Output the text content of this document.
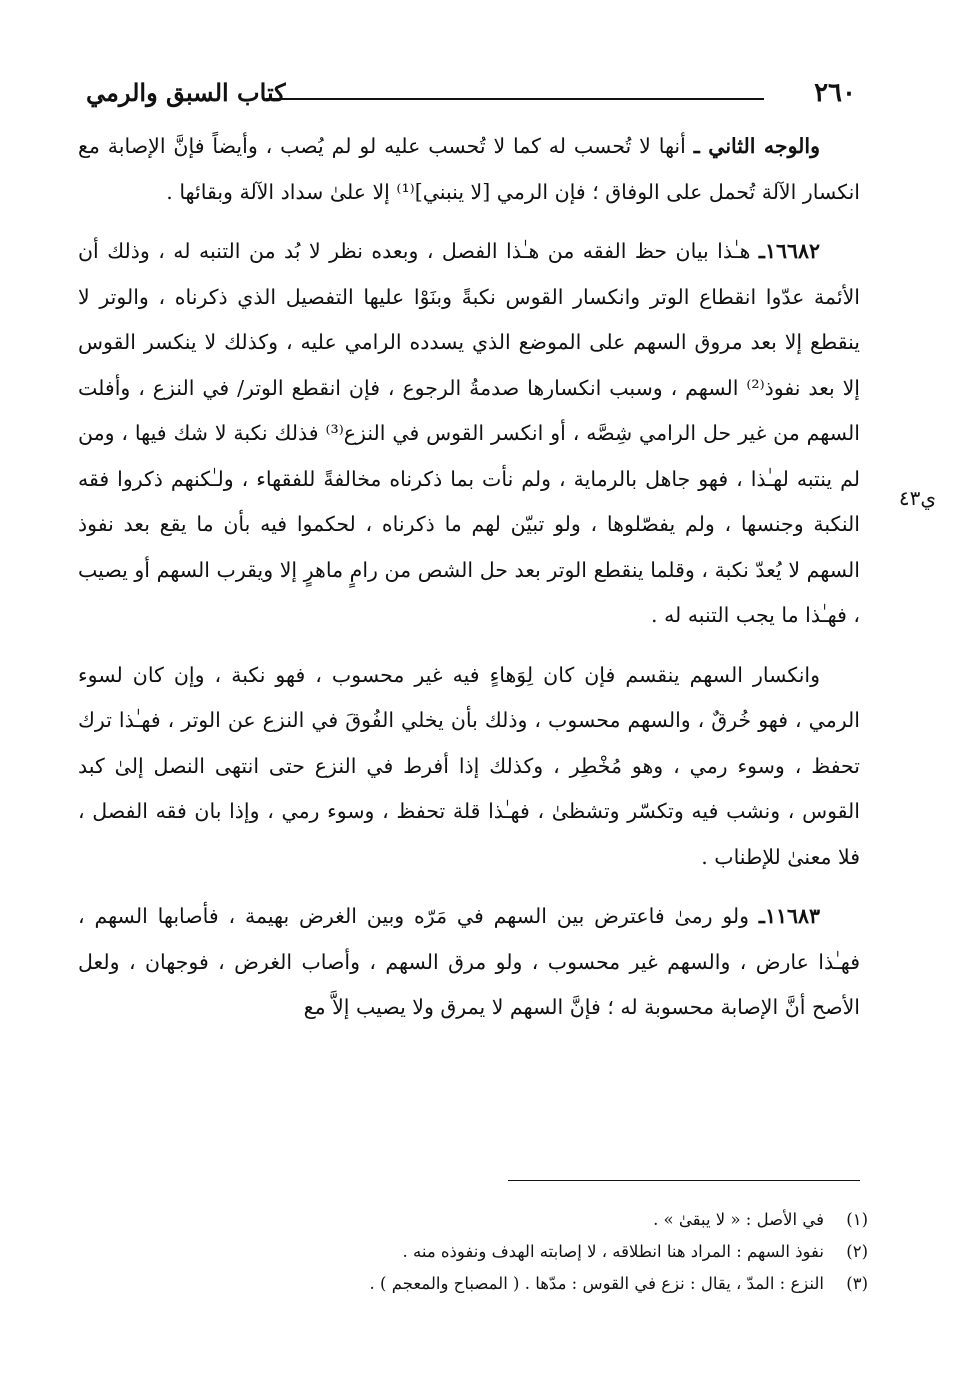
٢٦٠
كتاب السبق والرمي
ي٤٣

والوجه الثاني ـ أنها لا تُحسب له كما لا تُحسب عليه لو لم يُصب ، وأيضاً فإنَّ الإصابة مع انكسار الآلة تُحمل على الوفاق ؛ فإن الرمي [لا ينبني]⁽¹⁾ إلا علىٰ سداد الآلة وبقائها .

١٦٦٨٢ـ هـٰذا بيان حظ الفقه من هـٰذا الفصل ، وبعده نظر لا بُد من التنبه له ، وذلك أن الأئمة عدّوا انقطاع الوتر وانكسار القوس نكبةً وبنَوْا عليها التفصيل الذي ذكرناه ، والوتر لا ينقطع إلا بعد مروق السهم على الموضع الذي يسدده الرامي عليه ، وكذلك لا ينكسر القوس إلا بعد نفوذ⁽²⁾ السهم ، وسبب انكسارها صدمةُ الرجوع ، فإن انقطع الوتر/ في النزع ، وأفلت السهم من غير حل الرامي شِصَّه ، أو انكسر القوس في النزع⁽³⁾ فذلك نكبة لا شك فيها ، ومن لم ينتبه لهـٰذا ، فهو جاهل بالرماية ، ولم نأت بما ذكرناه مخالفةً للفقهاء ، ولـٰكنهم ذكروا فقه النكبة وجنسها ، ولم يفصّلوها ، ولو تبيّن لهم ما ذكرناه ، لحكموا فيه بأن ما يقع بعد نفوذ السهم لا يُعدّ نكبة ، وقلما ينقطع الوتر بعد حل الشص من رامٍ ماهرٍ إلا ويقرب السهم أو يصيب ، فهـٰذا ما يجب التنبه له .

وانكسار السهم ينقسم فإن كان لِوَهاءٍ فيه غير محسوب ، فهو نكبة ، وإن كان لسوء الرمي ، فهو خُرقٌ ، والسهم محسوب ، وذلك بأن يخلي الفُوقَ في النزع عن الوتر ، فهـٰذا ترك تحفظ ، وسوء رمي ، وهو مُخْطِر ، وكذلك إذا أفرط في النزع حتى انتهى النصل إلىٰ كبد القوس ، ونشب فيه وتكسّر وتشظىٰ ، فهـٰذا قلة تحفظ ، وسوء رمي ، وإذا بان فقه الفصل ، فلا معنىٰ للإطناب .

١١٦٨٣ـ ولو رمىٰ فاعترض بين السهم في مَرّه وبين الغرض بهيمة ، فأصابها السهم ، فهـٰذا عارض ، والسهم غير محسوب ، ولو مرق السهم ، وأصاب الغرض ، فوجهان ، ولعل الأصح أنَّ الإصابة محسوبة له ؛ فإنَّ السهم لا يمرق ولا يصيب إلاَّ مع

(١)
في الأصل : « لا يبقىٰ » .
(٢)
نفوذ السهم : المراد هنا انطلاقه ، لا إصابته الهدف ونفوذه منه .
(٣)
النزع : المدّ ، يقال : نزع في القوس : مدّها . ( المصباح والمعجم ) .
